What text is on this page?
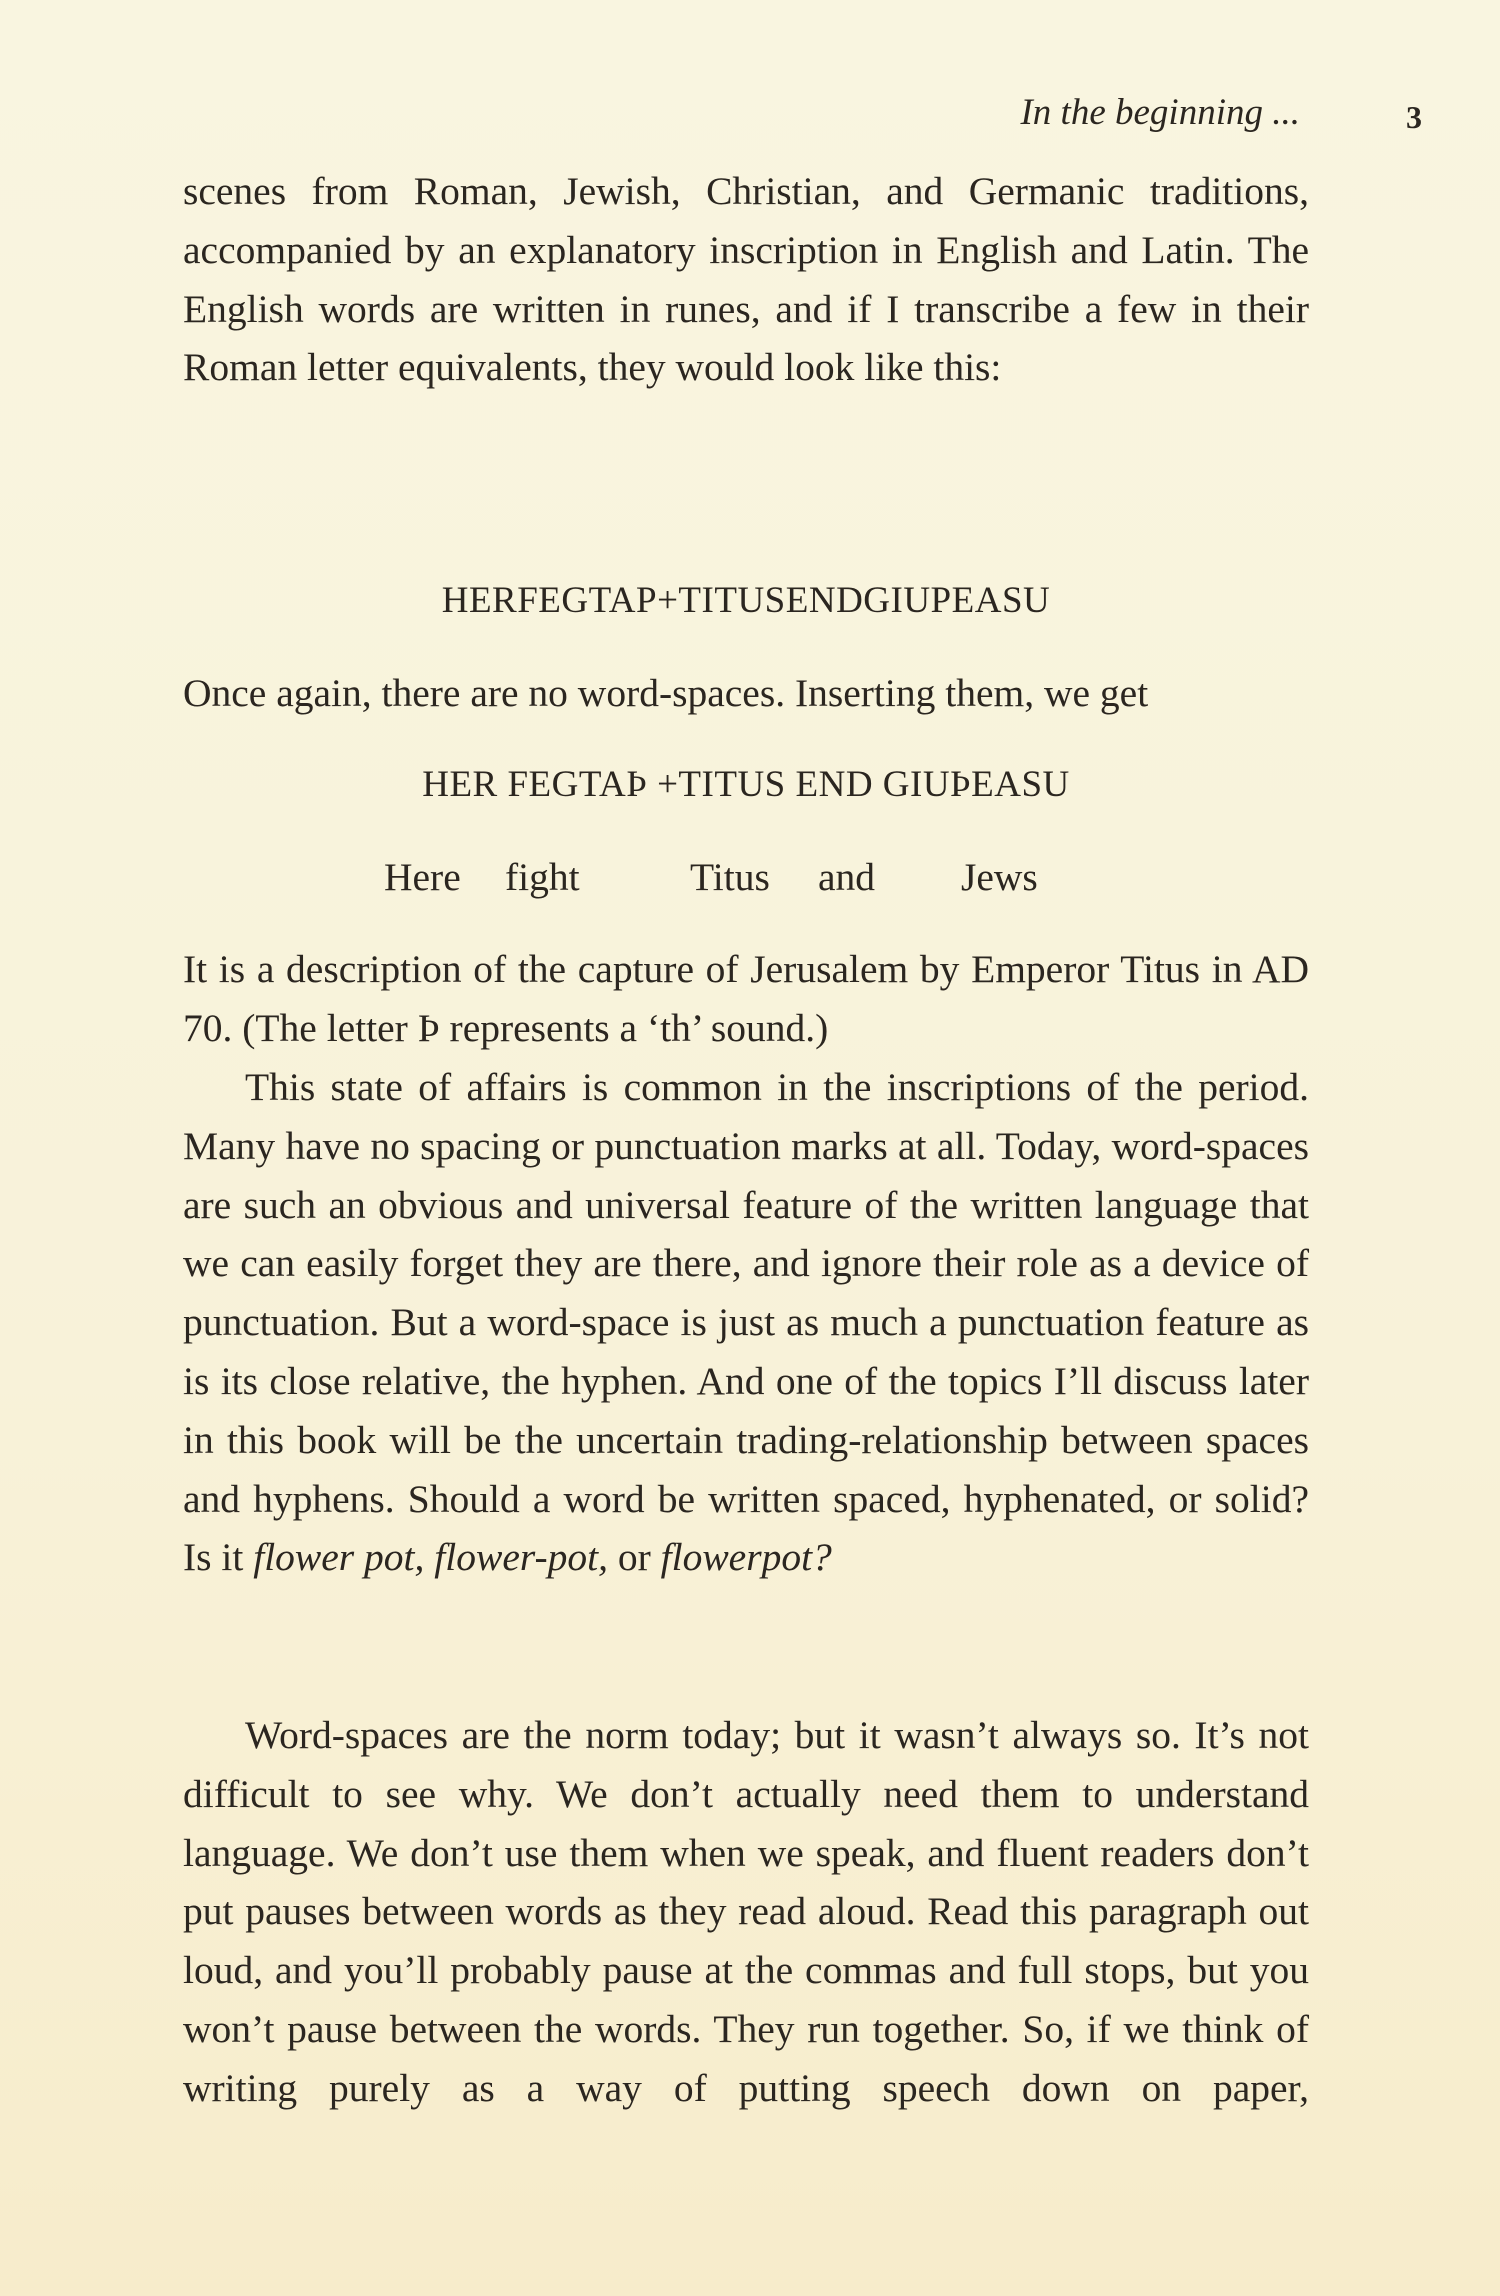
In the beginning ...	3

scenes from Roman, Jewish, Christian, and Germanic traditions, accompanied by an explanatory inscription in English and Latin. The English words are written in runes, and if I transcribe a few in their Roman letter equivalents, they would look like this:

HERFEGTAP+TITUSENDGIUPEASU

Once again, there are no word-spaces. Inserting them, we get

HER FEGTAÞ +TITUS END GIUÞEASU
Here fight	Titus and Jews

It is a description of the capture of Jerusalem by Emperor Titus in AD 70. (The letter Þ represents a ‘th’ sound.)

This state of affairs is common in the inscriptions of the period. Many have no spacing or punctuation marks at all. Today, word-spaces are such an obvious and universal feature of the written language that we can easily forget they are there, and ignore their role as a device of punctuation. But a word-space is just as much a punctuation feature as is its close relative, the hyphen. And one of the topics I’ll discuss later in this book will be the uncertain trading-relationship between spaces and hyphens. Should a word be written spaced, hyphenated, or solid? Is it flower pot, flower-pot, or flowerpot?

Word-spaces are the norm today; but it wasn’t always so. It’s not difficult to see why. We don’t actually need them to understand language. We don’t use them when we speak, and fluent readers don’t put pauses between words as they read aloud. Read this paragraph out loud, and you’ll probably pause at the commas and full stops, but you won’t pause between the words. They run together. So, if we think of writing purely as a way of putting speech down on paper,
